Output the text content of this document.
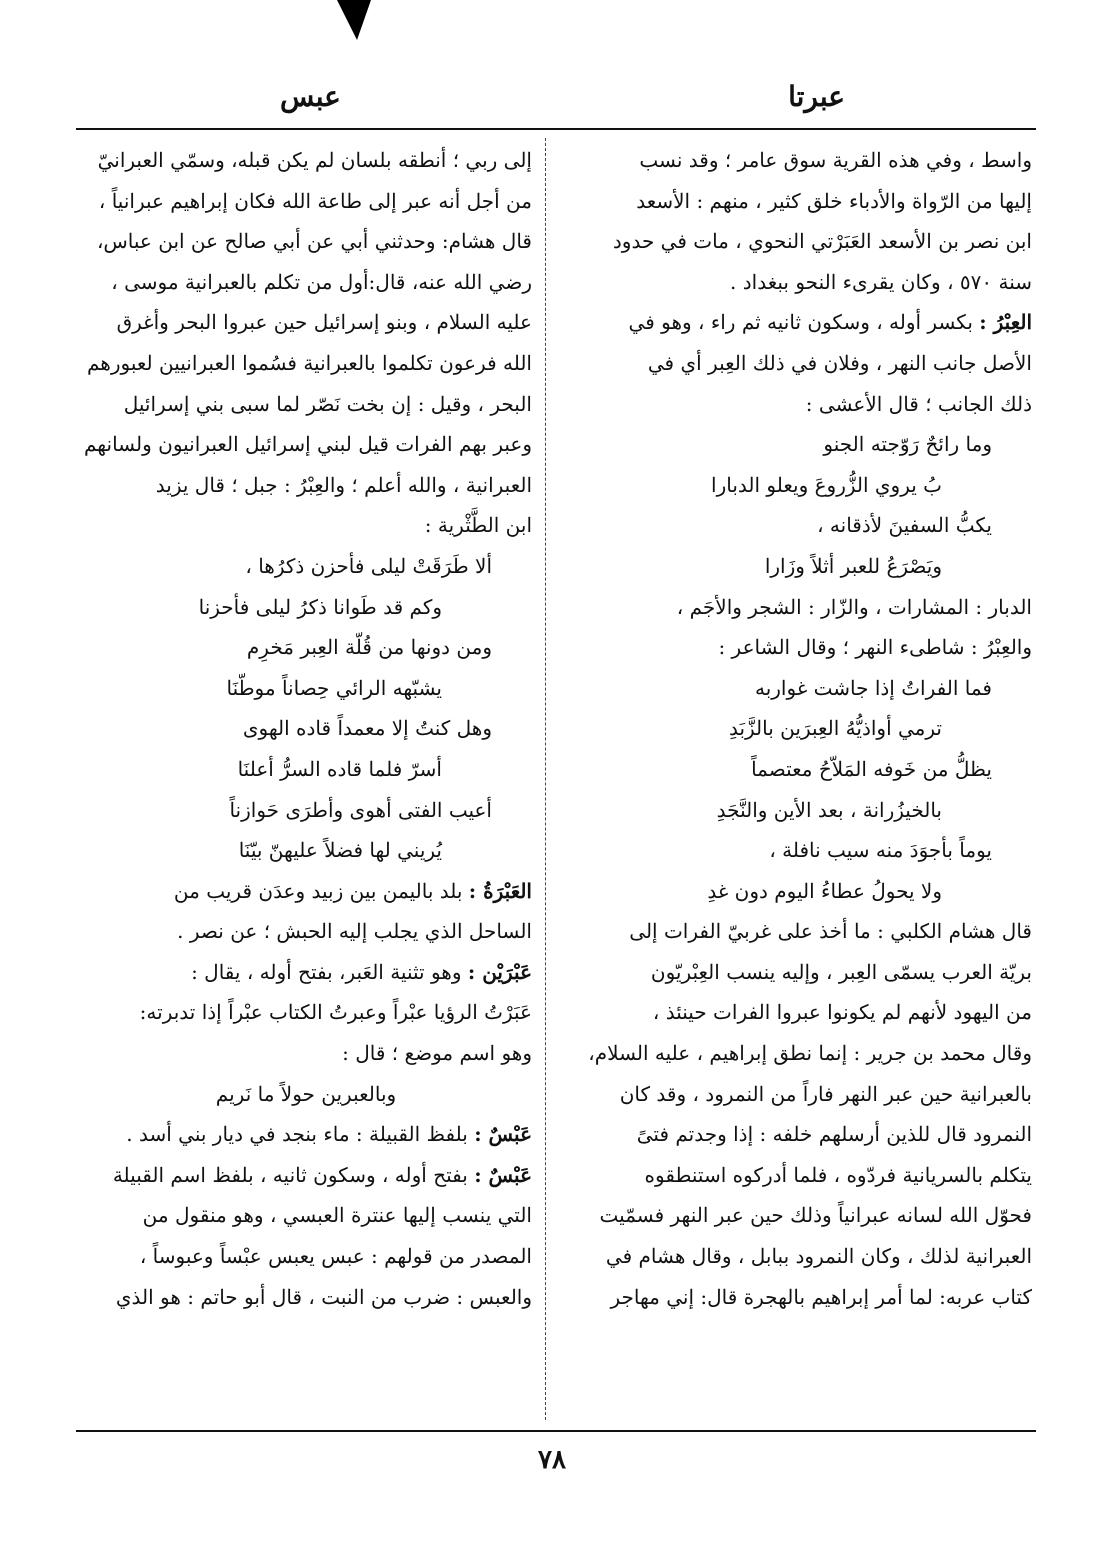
عبرتا
عبس
واسط ، وفي هذه القرية سوق عامر ؛ وقد نسب
إليها من الرّواة والأدباء خلق كثير ، منهم : الأسعد
ابن نصر بن الأسعد العَبَرْتي النحوي ، مات في حدود
سنة ٥٧٠ ، وكان يقرىء النحو ببغداد .
العِبْرُ : بكسر أوله ، وسكون ثانيه ثم راء ، وهو في
الأصل جانب النهر ، وفلان في ذلك العِبر أي في
ذلك الجانب ؛ قال الأعشى :
وما رائحٌ رَوّجته الجنو
بُ يروي الزُّروعَ ويعلو الدبارا
يكبُّ السفينَ لأذقانه ،
ويَصْرَعُ للعبر أثلاً وزَارا
الدبار : المشارات ، والزّار : الشجر والأجَم ،
والعِبْرُ : شاطىء النهر ؛ وقال الشاعر :
فما الفراتُ إذا جاشت غواربه
ترمي أواذيُّهُ العِبرَين بالزَّبَدِ
يظلُّ من خَوفه المَلاّحُ معتصماً
بالخيزُرانة ، بعد الأين والنَّجَدِ
يوماً بأجوَدَ منه سيب نافلة ،
ولا يحولُ عطاءُ اليوم دون غدِ
قال هشام الكلبي : ما أخذ على غربيّ الفرات إلى
بريّة العرب يسمّى العِبر ، وإليه ينسب العِبْريّون
من اليهود لأنهم لم يكونوا عبروا الفرات حينئذ ،
وقال محمد بن جرير : إنما نطق إبراهيم ، عليه السلام،
بالعبرانية حين عبر النهر فاراً من النمرود ، وقد كان
النمرود قال للذين أرسلهم خلفه : إذا وجدتم فتىً
يتكلم بالسريانية فردّوه ، فلما أدركوه استنطقوه
فحوّل الله لسانه عبرانياً وذلك حين عبر النهر فسمّيت
العبرانية لذلك ، وكان النمرود ببابل ، وقال هشام في
كتاب عربه: لما أمر إبراهيم بالهجرة قال: إني مهاجر
إلى ربي ؛ أنطقه بلسان لم يكن قبله، وسمّي العبرانيّ
من أجل أنه عبر إلى طاعة الله فكان إبراهيم عبرانياً ،
قال هشام: وحدثني أبي عن أبي صالح عن ابن عباس،
رضي الله عنه، قال:أول من تكلم بالعبرانية موسى ،
عليه السلام ، وبنو إسرائيل حين عبروا البحر وأغرق
الله فرعون تكلموا بالعبرانية فسُموا العبرانيين لعبورهم
البحر ، وقيل : إن بخت نَصّر لما سبى بني إسرائيل
وعبر بهم الفرات قيل لبني إسرائيل العبرانيون ولسانهم
العبرانية ، والله أعلم ؛ والعِبْرُ : جبل ؛ قال يزيد
ابن الطَّثْرية :
ألا طَرَقَتْ ليلى فأحزن ذكرُها ،
وكم قد طَوانا ذكرُ ليلى فأحزنا
ومن دونها من قُلّة العِبر مَخرِم
يشبّهه الرائي حِصاناً موطّنَا
وهل كنتُ إلا معمداً قاده الهوى
أسرّ فلما قاده السرُّ أعلنَا
أعيب الفتى أهوى وأطرَى حَوازناً
يُريني لها فضلاً عليهنّ بيّنَا
العَبْرَةُ : بلد باليمن بين زبيد وعدَن قريب من
الساحل الذي يجلب إليه الحبش ؛ عن نصر .
عَبْرَيْن : وهو تثنية العَبر، بفتح أوله ، يقال :
عَبَرْتُ الرؤيا عبْراً وعبرتُ الكتاب عبْراً إذا تدبرته:
وهو اسم موضع ؛ قال :
وبالعبرين حولاً ما نَريم
عَبْسٌ : بلفظ القبيلة : ماء بنجد في ديار بني أسد .
عَبْسٌ : بفتح أوله ، وسكون ثانيه ، بلفظ اسم القبيلة
التي ينسب إليها عنترة العبسي ، وهو منقول من
المصدر من قولهم : عبس يعبس عبْساً وعبوساً ،
والعبس : ضرب من النبت ، قال أبو حاتم : هو الذي
٧٨
